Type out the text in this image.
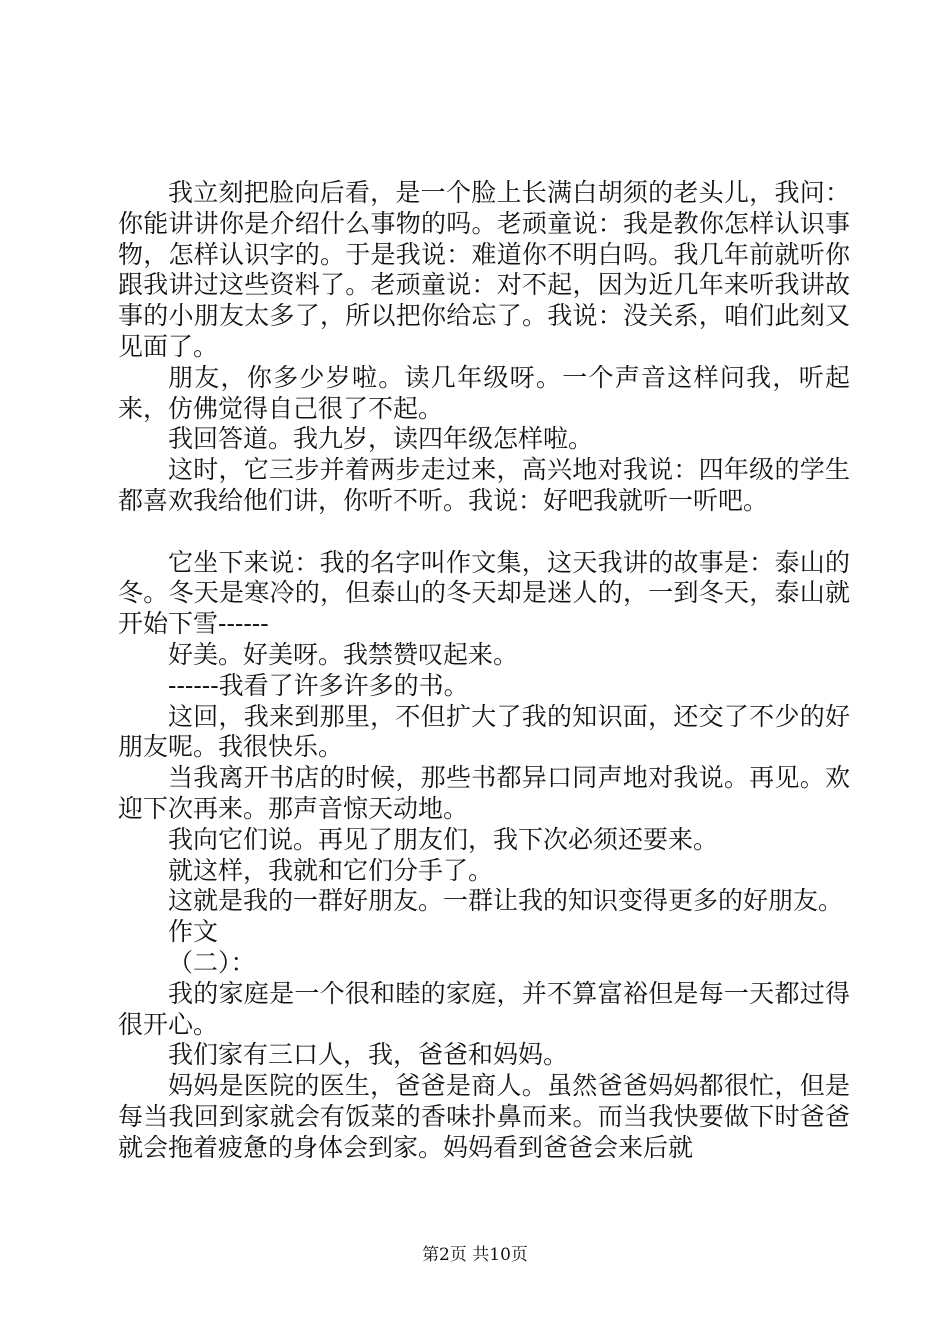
我立刻把脸向后看，是一个脸上长满白胡须的老头儿，我问：你能讲讲你是介绍什么事物的吗。老顽童说：我是教你怎样认识事物，怎样认识字的。于是我说：难道你不明白吗。我几年前就听你跟我讲过这些资料了。老顽童说：对不起，因为近几年来听我讲故事的小朋友太多了，所以把你给忘了。我说：没关系，咱们此刻又见面了。

朋友，你多少岁啦。读几年级呀。一个声音这样问我，听起来，仿佛觉得自己很了不起。

我回答道。我九岁，读四年级怎样啦。

这时，它三步并着两步走过来，高兴地对我说：四年级的学生都喜欢我给他们讲，你听不听。我说：好吧我就听一听吧。

它坐下来说：我的名字叫作文集，这天我讲的故事是：泰山的冬。冬天是寒冷的，但泰山的冬天却是迷人的，一到冬天，泰山就开始下雪------

好美。好美呀。我禁赞叹起来。

------我看了许多许多的书。

这回，我来到那里，不但扩大了我的知识面，还交了不少的好朋友呢。我很快乐。

当我离开书店的时候，那些书都异口同声地对我说。再见。欢迎下次再来。那声音惊天动地。

我向它们说。再见了朋友们，我下次必须还要来。

就这样，我就和它们分手了。

这就是我的一群好朋友。一群让我的知识变得更多的好朋友。

作文

（二）：

我的家庭是一个很和睦的家庭，并不算富裕但是每一天都过得很开心。

我们家有三口人，我，爸爸和妈妈。

妈妈是医院的医生，爸爸是商人。虽然爸爸妈妈都很忙，但是每当我回到家就会有饭菜的香味扑鼻而来。而当我快要做下时爸爸就会拖着疲惫的身体会到家。妈妈看到爸爸会来后就

第2页 共10页
